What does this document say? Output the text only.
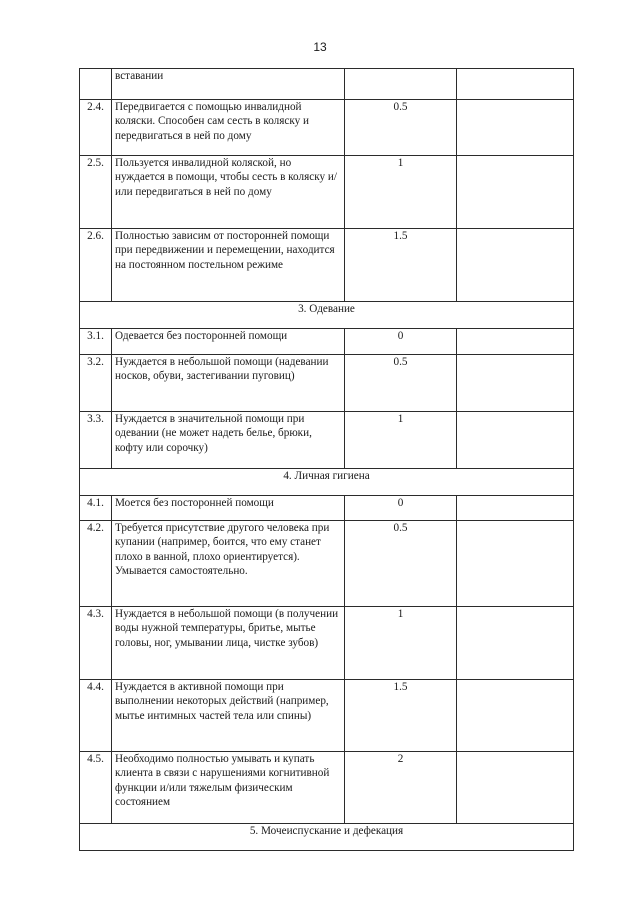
13
	вставании		
2.4.	Передвигается с помощью инвалидной коляски. Способен сам сесть в коляску и передвигаться в ней по дому	0.5	
2.5.	Пользуется инвалидной коляской, но нуждается в помощи, чтобы сесть в коляску и/или передвигаться в ней по дому	1	
2.6.	Полностью зависим от посторонней помощи при передвижении и перемещении, находится на постоянном постельном режиме	1.5	
3. Одевание			
3.1.	Одевается без посторонней помощи	0	
3.2.	Нуждается в небольшой помощи (надевании носков, обуви, застегивании пуговиц)	0.5	
3.3.	Нуждается в значительной помощи при одевании (не может надеть белье, брюки, кофту или сорочку)	1	
4. Личная гигиена			
4.1.	Моется без посторонней помощи	0	
4.2.	Требуется присутствие другого человека при купании (например, боится, что ему станет плохо в ванной, плохо ориентируется). Умывается самостоятельно.	0.5	
4.3.	Нуждается в небольшой помощи (в получении воды нужной температуры, бритье, мытье головы, ног, умывании лица, чистке зубов)	1	
4.4.	Нуждается в активной помощи при выполнении некоторых действий (например, мытье интимных частей тела или спины)	1.5	
4.5.	Необходимо полностью умывать и купать клиента в связи с нарушениями когнитивной функции и/или тяжелым физическим состоянием	2	
5. Мочеиспускание и дефекация			
